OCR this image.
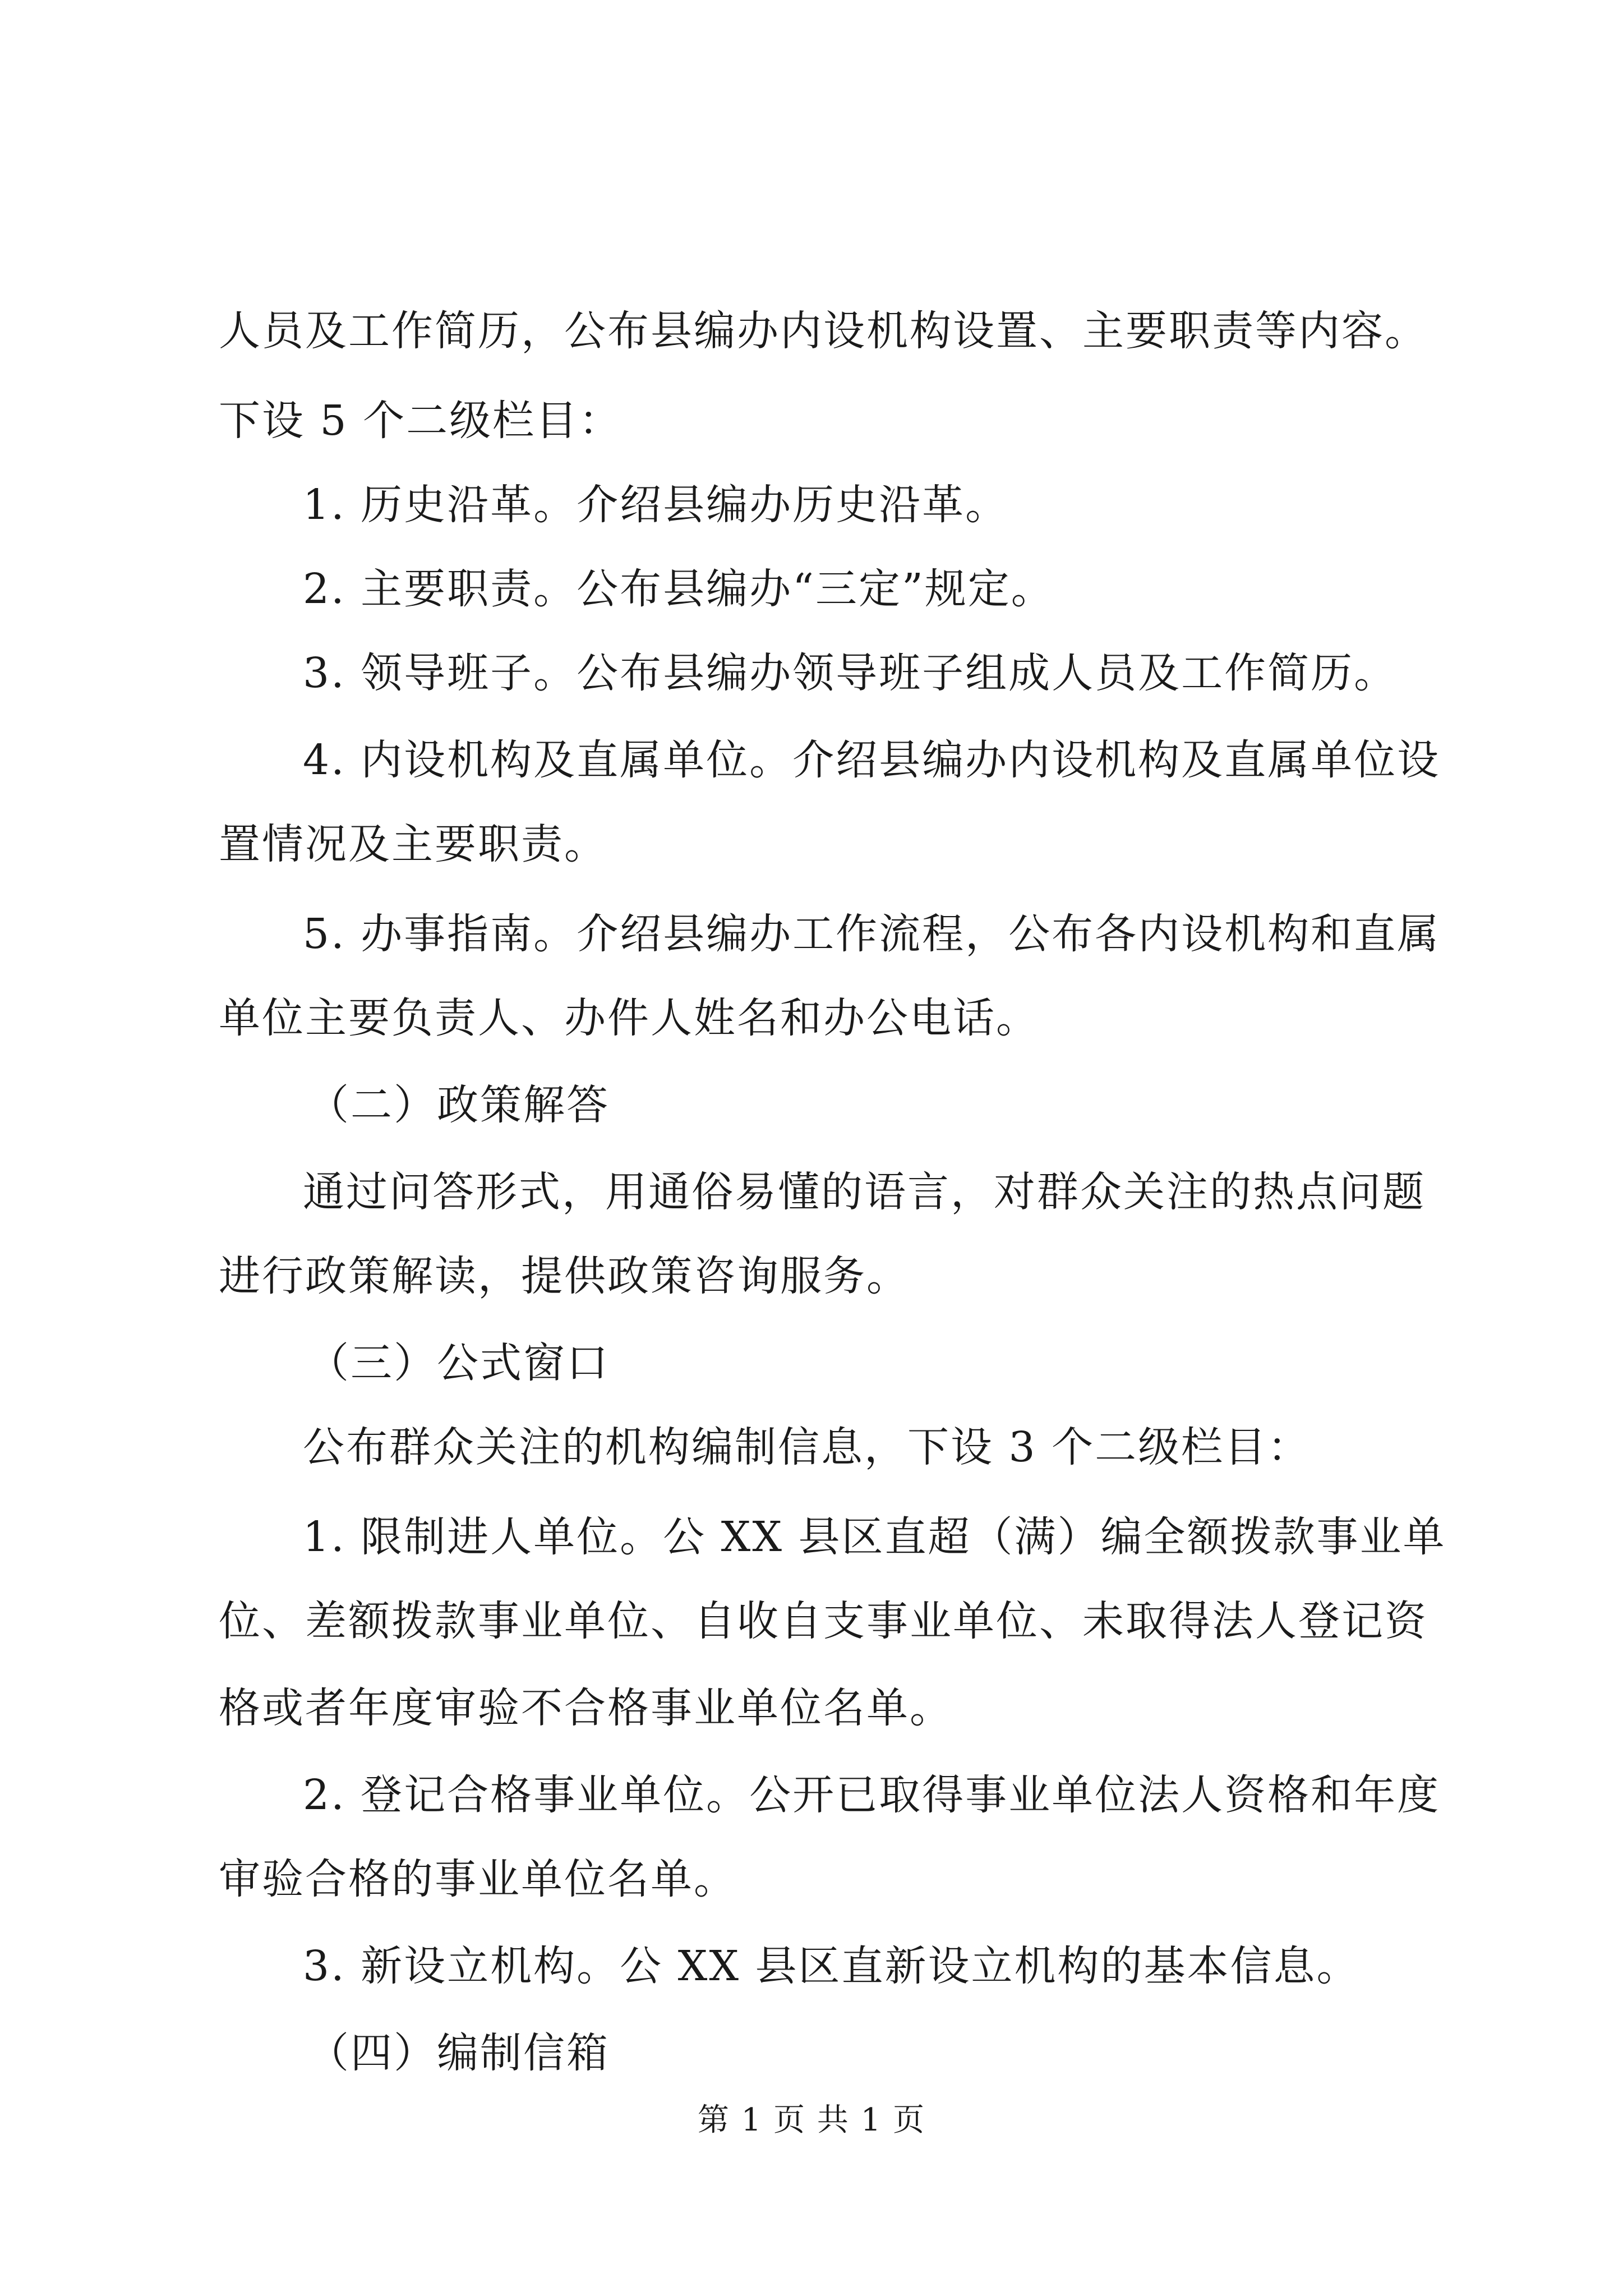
人员及工作简历，公布县编办内设机构设置、主要职责等内容。
下设 5 个二级栏目：
1. 历史沿革。介绍县编办历史沿革。
2. 主要职责。公布县编办“三定”规定。
3. 领导班子。公布县编办领导班子组成人员及工作简历。
4. 内设机构及直属单位。介绍县编办内设机构及直属单位设
置情况及主要职责。
5. 办事指南。介绍县编办工作流程，公布各内设机构和直属
单位主要负责人、办件人姓名和办公电话。
（二）政策解答
通过问答形式，用通俗易懂的语言，对群众关注的热点问题
进行政策解读，提供政策咨询服务。
（三）公式窗口
公布群众关注的机构编制信息，下设 3 个二级栏目：
1. 限制进人单位。公 XX 县区直超（满）编全额拨款事业单
位、差额拨款事业单位、自收自支事业单位、未取得法人登记资
格或者年度审验不合格事业单位名单。
2. 登记合格事业单位。公开已取得事业单位法人资格和年度
审验合格的事业单位名单。
3. 新设立机构。公 XX 县区直新设立机构的基本信息。
（四）编制信箱
第 1 页 共 1 页
